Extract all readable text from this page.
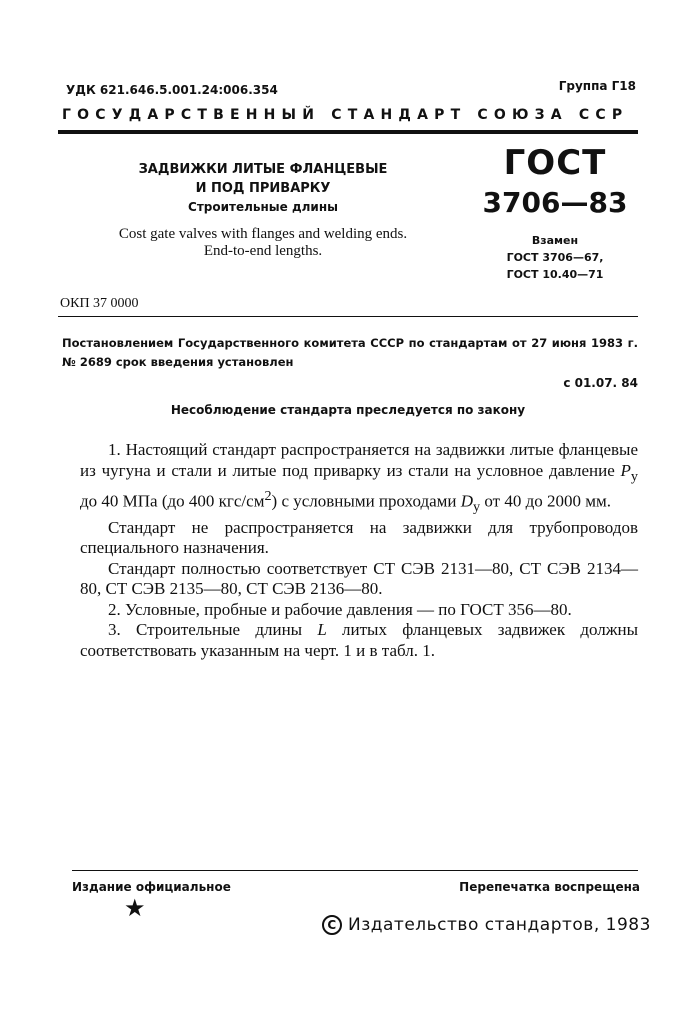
УДК 621.646.5.001.24:006.354	Группа Г18
ГОСУДАРСТВЕННЫЙ СТАНДАРТ СОЮЗА ССР
ЗАДВИЖКИ ЛИТЫЕ ФЛАНЦЕВЫЕ
И ПОД ПРИВАРКУ
Строительные длины
Cost gate valves with flanges and welding ends.
End-to-end lengths.
ГОСТ
3706—83
Взамен
ГОСТ 3706—67,
ГОСТ 10.40—71
ОКП 37 0000
Постановлением Государственного комитета СССР по стандартам от 27 июня 1983 г. № 2689 срок введения установлен
с 01.07. 84
Несоблюдение стандарта преследуется по закону

1. Настоящий стандарт распространяется на задвижки литые фланцевые из чугуна и стали и литые под приварку из стали на условное давление $P_у$ до 40 МПа (до 400 кгс/$см^2$) с условными проходами $D_у$ от 40 до 2000 мм.

Стандарт не распространяется на задвижки для трубопроводов специального назначения.

Стандарт полностью соответствует СТ СЭВ 2131—80, СТ СЭВ 2134—80, СТ СЭВ 2135—80, СТ СЭВ 2136—80.

2. Условные, пробные и рабочие давления — по ГОСТ 356—80.

3. Строительные длины L литых фланцевых задвижек должны соответствовать указанным на черт. 1 и в табл. 1.

Издание официальное
★
Перепечатка воспрещена
С Издательство стандартов, 1983
